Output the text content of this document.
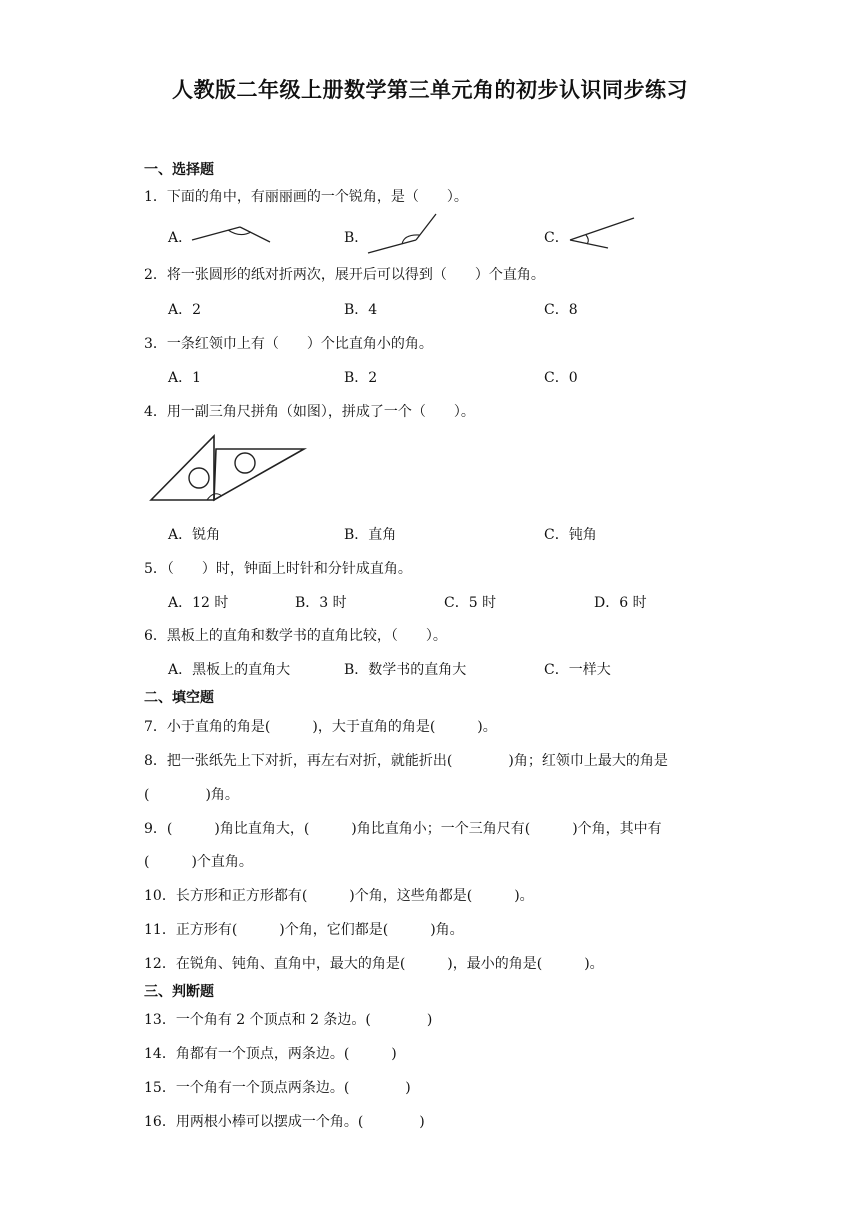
人教版二年级上册数学第三单元角的初步认识同步练习
一、选择题
1．下面的角中，有丽丽画的一个锐角，是（　　）。
A．	B．	C．
2．将一张圆形的纸对折两次，展开后可以得到（　　）个直角。
A．2	B．4	C．8
3．一条红领巾上有（　　）个比直角小的角。
A．1	B．2	C．0
4．用一副三角尺拼角（如图），拼成了一个（　　）。
A．锐角	B．直角	C．钝角
5．（　　）时，钟面上时针和分针成直角。
A．12 时	B．3 时	C．5 时	D．6 时
6．黑板上的直角和数学书的直角比较，（　　）。
A．黑板上的直角大	B．数学书的直角大	C．一样大
二、填空题
7．小于直角的角是(　　　)，大于直角的角是(　　　)。
8．把一张纸先上下对折，再左右对折，就能折出(　　　　)角；红领巾上最大的角是
(　　　　)角。
9．(　　　)角比直角大，(　　　)角比直角小；一个三角尺有(　　　)个角，其中有
(　　　)个直角。
10．长方形和正方形都有(　　　)个角，这些角都是(　　　)。
11．正方形有(　　　)个角，它们都是(　　　)角。
12．在锐角、钝角、直角中，最大的角是(　　　)，最小的角是(　　　)。
三、判断题
13．一个角有 2 个顶点和 2 条边。(　　　　)
14．角都有一个顶点，两条边。(　　　)
15．一个角有一个顶点两条边。(　　　　)
16．用两根小棒可以摆成一个角。(　　　　)
